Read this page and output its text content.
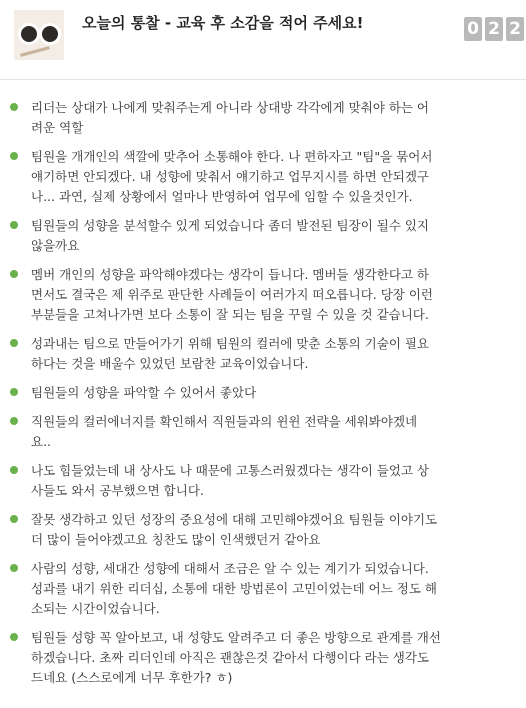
오늘의 통찰 - 교육 후 소감을 적어 주세요!	0 2 2
리더는 상대가 나에게 맞춰주는게 아니라 상대방 각각에게 맞춰야 하는 어
려운 역할
팀원을 개개인의 색깔에 맞추어 소통해야 한다. 나 편하자고 "팀"을 묶어서
얘기하면 안되겠다. 내 성향에 맞춰서 얘기하고 업무지시를 하면 안되겠구
나... 과연, 실제 상황에서 얼마나 반영하여 업무에 임할 수 있을것인가.
팀원들의 성향을 분석할수 있게 되었습니다 좀더 발전된 팀장이 될수 있지
않을까요
멤버 개인의 성향을 파악해야겠다는 생각이 듭니다. 멤버들 생각한다고 하
면서도 결국은 제 위주로 판단한 사례들이 여러가지 떠오릅니다. 당장 이런
부분들을 고쳐나가면 보다 소통이 잘 되는 팀을 꾸릴 수 있을 것 같습니다.
성과내는 팀으로 만들어가기 위해 팀원의 컬러에 맞춘 소통의 기술이 필요
하다는 것을 배울수 있었던 보람찬 교육이었습니다.
팀원들의 성향을 파악할 수 있어서 좋았다
직원들의 컬러에너지를 확인해서 직원들과의 윈윈 전략을 세워봐야겠네
요..
나도 힘들었는데 내 상사도 나 때문에 고통스러웠겠다는 생각이 들었고 상
사들도 와서 공부했으면 합니다.
잘못 생각하고 있던 성장의 중요성에 대해 고민해야겠어요 팀원들 이야기도
더 많이 들어야겠고요 칭찬도 많이 인색했던거 같아요
사람의 성향, 세대간 성향에 대해서 조금은 알 수 있는 계기가 되었습니다.
성과를 내기 위한 리더십, 소통에 대한 방법론이 고민이었는데 어느 정도 해
소되는 시간이었습니다.
팀원들 성향 꼭 알아보고, 내 성향도 알려주고 더 좋은 방향으로 관계를 개선
하겠습니다. 초짜 리더인데 아직은 괜찮은것 같아서 다행이다 라는 생각도
드네요 (스스로에게 너무 후한가? ㅎ)
